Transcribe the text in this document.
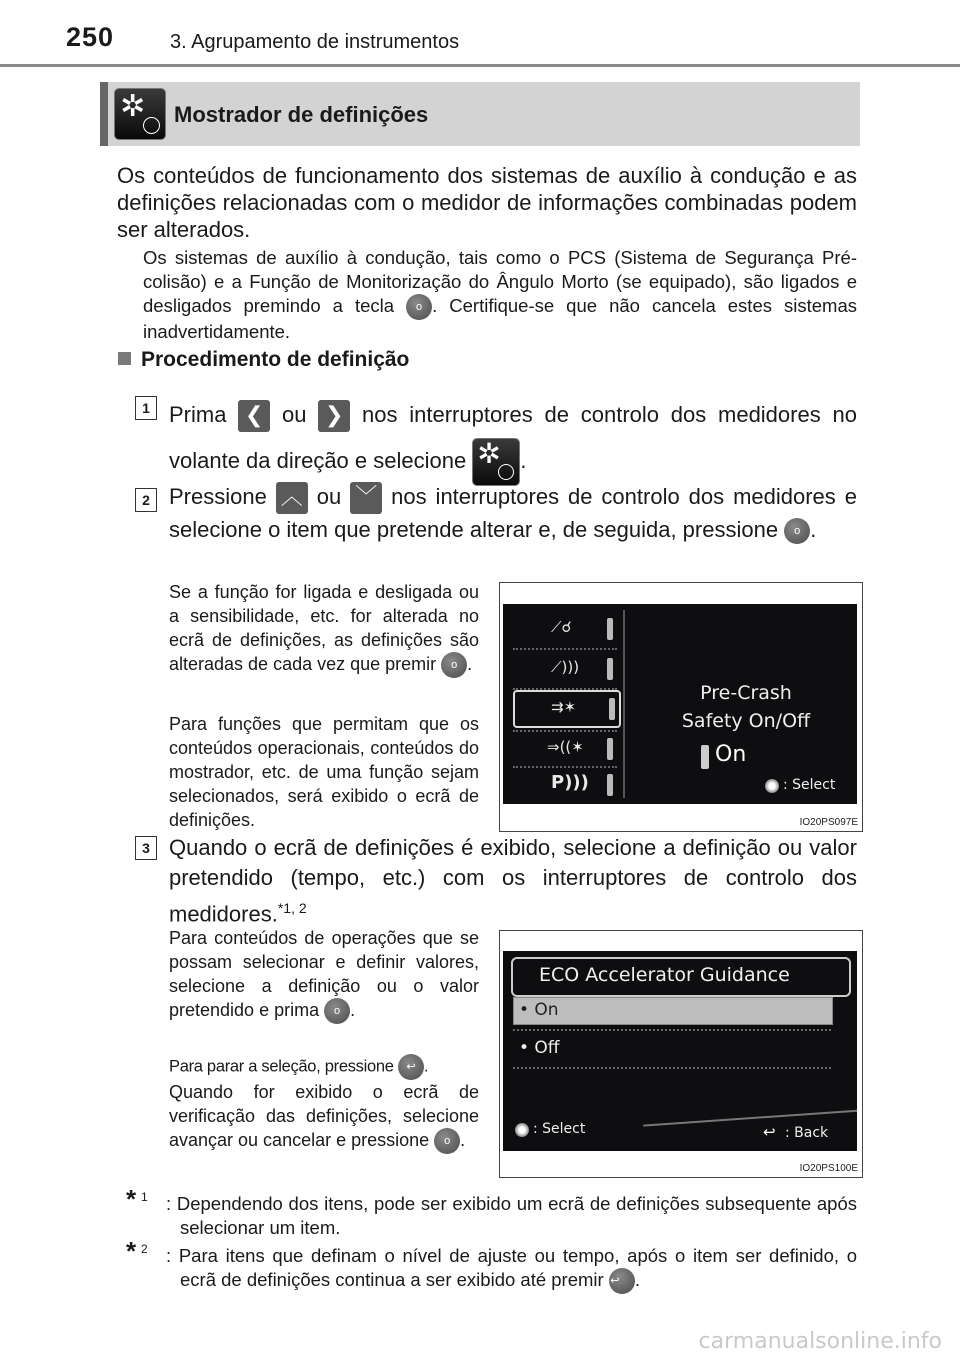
250	3. Agrupamento de instrumentos
✲ Mostrador de definições
Os conteúdos de funcionamento dos sistemas de auxílio à condução e as definições relacionadas com o medidor de informações combinadas podem ser alterados.
Os sistemas de auxílio à condução, tais como o PCS (Sistema de Segurança Pré-colisão) e a Função de Monitorização do Ângulo Morto (se equipado), são ligados e desligados premindo a tecla o . Certifique-se que não cancela estes sistemas inadvertidamente.
Procedimento de definição
1 Prima ❮ ou ❯ nos interruptores de controlo dos medidores no volante da direção e selecione ✲ .
2 Pressione ︿ ou ﹀ nos interruptores de controlo dos medidores e selecione o item que pretende alterar e, de seguida, pressione o .
Se a função for ligada e desligada ou a sensibilidade, etc. for alterada no ecrã de definições, as definições são alteradas de cada vez que premir o .
Para funções que permitam que os conteúdos operacionais, conteúdos do mostrador, etc. de uma função sejam selecionados, será exibido o ecrã de definições.
⟋☌
⟋)))
⇉✶
⇒((✶
P)))
Pre-Crash
Safety On/Off
On
: Select
IO20PS097E
3 Quando o ecrã de definições é exibido, selecione a definição ou valor pretendido (tempo, etc.) com os interruptores de controlo dos medidores.$^{*1, 2}$
Para conteúdos de operações que se possam selecionar e definir valores, selecione a definição ou o valor pretendido e prima o .
Para parar a seleção, pressione ↩ .
Quando for exibido o ecrã de verificação das definições, selecione avançar ou cancelar e pressione o .
ECO Accelerator Guidance
• On
• Off
: Select	↩ : Back
IO20PS100E
* 1 : Dependendo dos itens, pode ser exibido um ecrã de definições subsequente após selecionar um item.
* 2 : Para itens que definam o nível de ajuste ou tempo, após o item ser definido, o ecrã de definições continua a ser exibido até premir ↩ .
carmanualsonline.info
